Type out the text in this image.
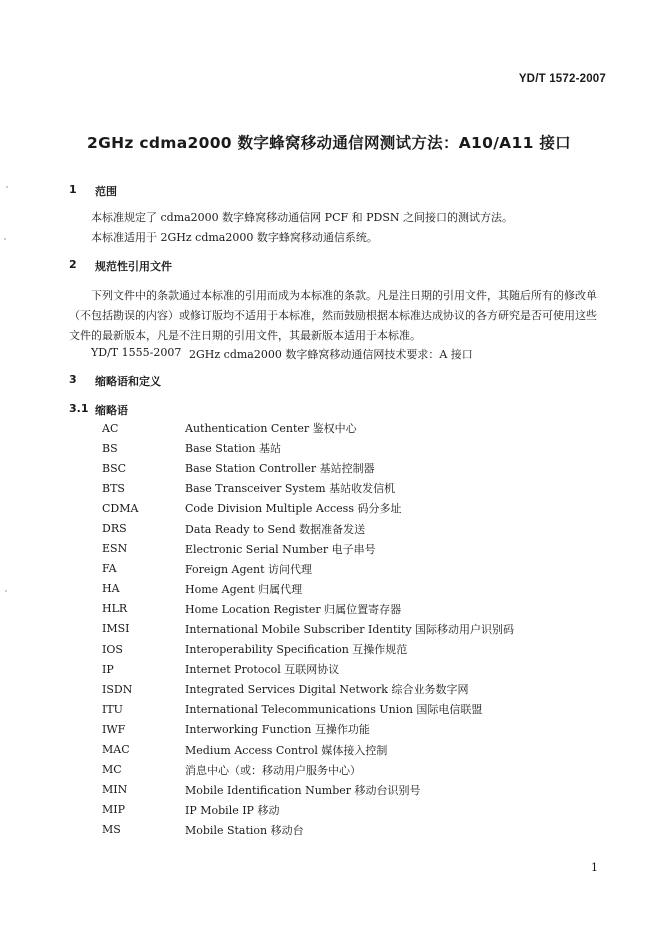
YD/T 1572-2007
2GHz cdma2000 数字蜂窝移动通信网测试方法：A10/A11 接口
1	范围

本标准规定了 cdma2000 数字蜂窝移动通信网 PCF 和 PDSN 之间接口的测试方法。

本标准适用于 2GHz cdma2000 数字蜂窝移动通信系统。

2	规范性引用文件

下列文件中的条款通过本标准的引用而成为本标准的条款。凡是注日期的引用文件，其随后所有的修改单（不包括勘误的内容）或修订版均不适用于本标准，然而鼓励根据本标准达成协议的各方研究是否可使用这些文件的最新版本，凡是不注日期的引用文件，其最新版本适用于本标准。

YD/T 1555-2007 2GHz cdma2000 数字蜂窝移动通信网技术要求：A 接口
3	缩略语和定义
3.1 缩略语
AC	Authentication Center 鉴权中心
BS	Base Station 基站
BSC	Base Station Controller 基站控制器
BTS	Base Transceiver System 基站收发信机
CDMA	Code Division Multiple Access 码分多址
DRS	Data Ready to Send 数据准备发送
ESN	Electronic Serial Number 电子串号
FA	Foreign Agent 访问代理
HA	Home Agent 归属代理
HLR	Home Location Register 归属位置寄存器
IMSI	International Mobile Subscriber Identity 国际移动用户识别码
IOS	Interoperability Specification 互操作规范
IP	Internet Protocol 互联网协议
ISDN	Integrated Services Digital Network 综合业务数字网
ITU	International Telecommunications Union 国际电信联盟
IWF	Interworking Function 互操作功能
MAC	Medium Access Control 媒体接入控制
MC	消息中心（或：移动用户服务中心）
MIN	Mobile Identification Number 移动台识别号
MIP	IP Mobile IP 移动
MS	Mobile Station 移动台
1
